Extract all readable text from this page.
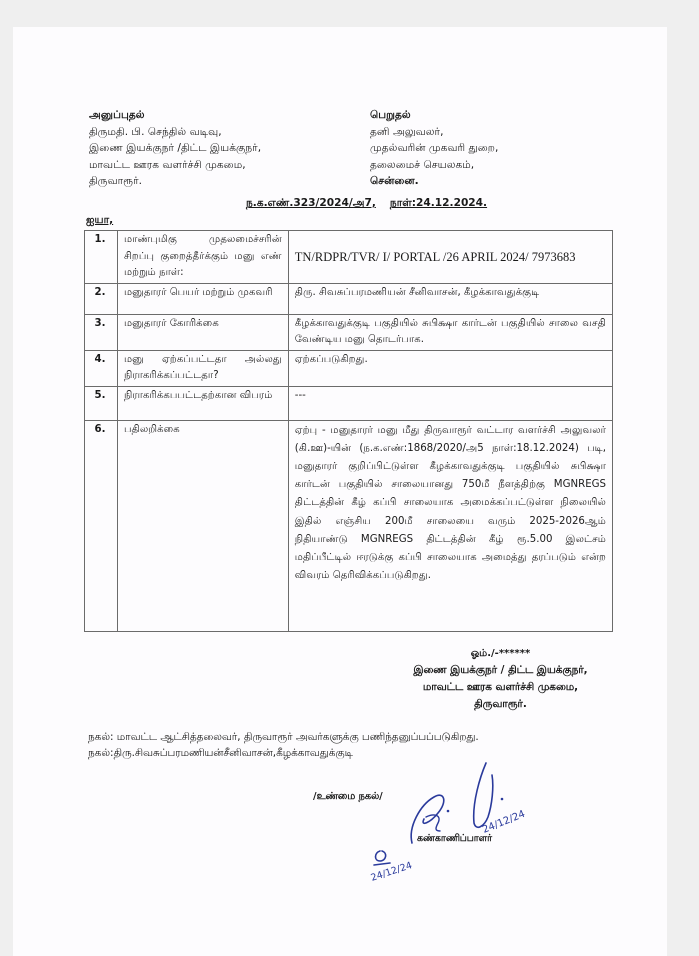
அனுப்புதல்
திருமதி. பி. செந்தில் வடிவு,
இணை இயக்குநர் /திட்ட இயக்குநர்,
மாவட்ட ஊரக வளர்ச்சி முகமை,
திருவாரூர்.
பெறுதல்
தனி அலுவலர்,
முதல்வரின் முகவரி துறை,
தலைமைச் செயலகம்,
சென்னை.
ந.க.எண்.323/2024/அ7, நாள்:24.12.2024.
ஐயா,
1.	மாண்புமிகு முதலமைச்சரின் சிறப்பு குறைத்தீர்க்கும் மனு எண் மற்றும் நாள்:	TN/RDPR/TVR/ I/ PORTAL /26 APRIL 2024/ 7973683
2.	மனுதாரர் பெயர் மற்றும் முகவரி	திரு. சிவசுப்பரமணியன் சீனிவாசன், கீழக்காவதுக்குடி
3.	மனுதாரர் கோரிக்கை	கீழக்காவதுக்குடி பகுதியில் சுபிக்ஷா கார்டன் பகுதியில் சாலை வசதி வேண்டிய மனு தொடர்பாக.
4.	மனு ஏற்கப்பட்டதா அல்லது நிராகரிக்கப்பட்டதா?	ஏற்கப்படுகிறது.
5.	நிராகரிக்கபபட்டதற்கான விபரம்	---
6.	பதிலறிக்கை	ஏற்பு - மனுதாரர் மனு மீது திருவாரூர் வட்டார வளர்ச்சி அலுவலர் (கி.ஊ)-யின் (ந.க.எண்:1868/2020/அ5 நாள்:18.12.2024) படி, மனுதாரர் குறிப்பிட்டுள்ள கீழக்காவதுக்குடி பகுதியில் சுபிக்ஷா கார்டன் பகுதியில் சாலையானது 750மீ நீளத்திற்கு MGNREGS திட்டத்தின் கீழ் கப்பி சாலையாக அமைக்கப்பட்டுள்ள நிலையில் இதில் எஞ்சிய 200மீ சாலையை வரும் 2025-2026ஆம் நிதியாண்டு MGNREGS திட்டத்தின் கீழ் ரூ.5.00 இலட்சம் மதிப்பீட்டில் ஈரடுக்கு கப்பி சாலையாக அமைத்து தரப்படும் என்ற விவரம் தெரிவிக்கப்படுகிறது.
ஓம்./-******
இணை இயக்குநர் / திட்ட இயக்குநர்,
மாவட்ட ஊரக வளர்ச்சி முகமை,
திருவாரூர்.
நகல்: மாவட்ட ஆட்சித்தலைவர், திருவாரூர் அவர்களுக்கு பணிந்தனுப்பப்படுகிறது.
நகல்:திரு.சிவசுப்பரமணியன்சீனிவாசன்,கீழக்காவதுக்குடி
/உண்மை நகல்/
கண்காணிப்பாளர்
24/12/24
24/12/24
